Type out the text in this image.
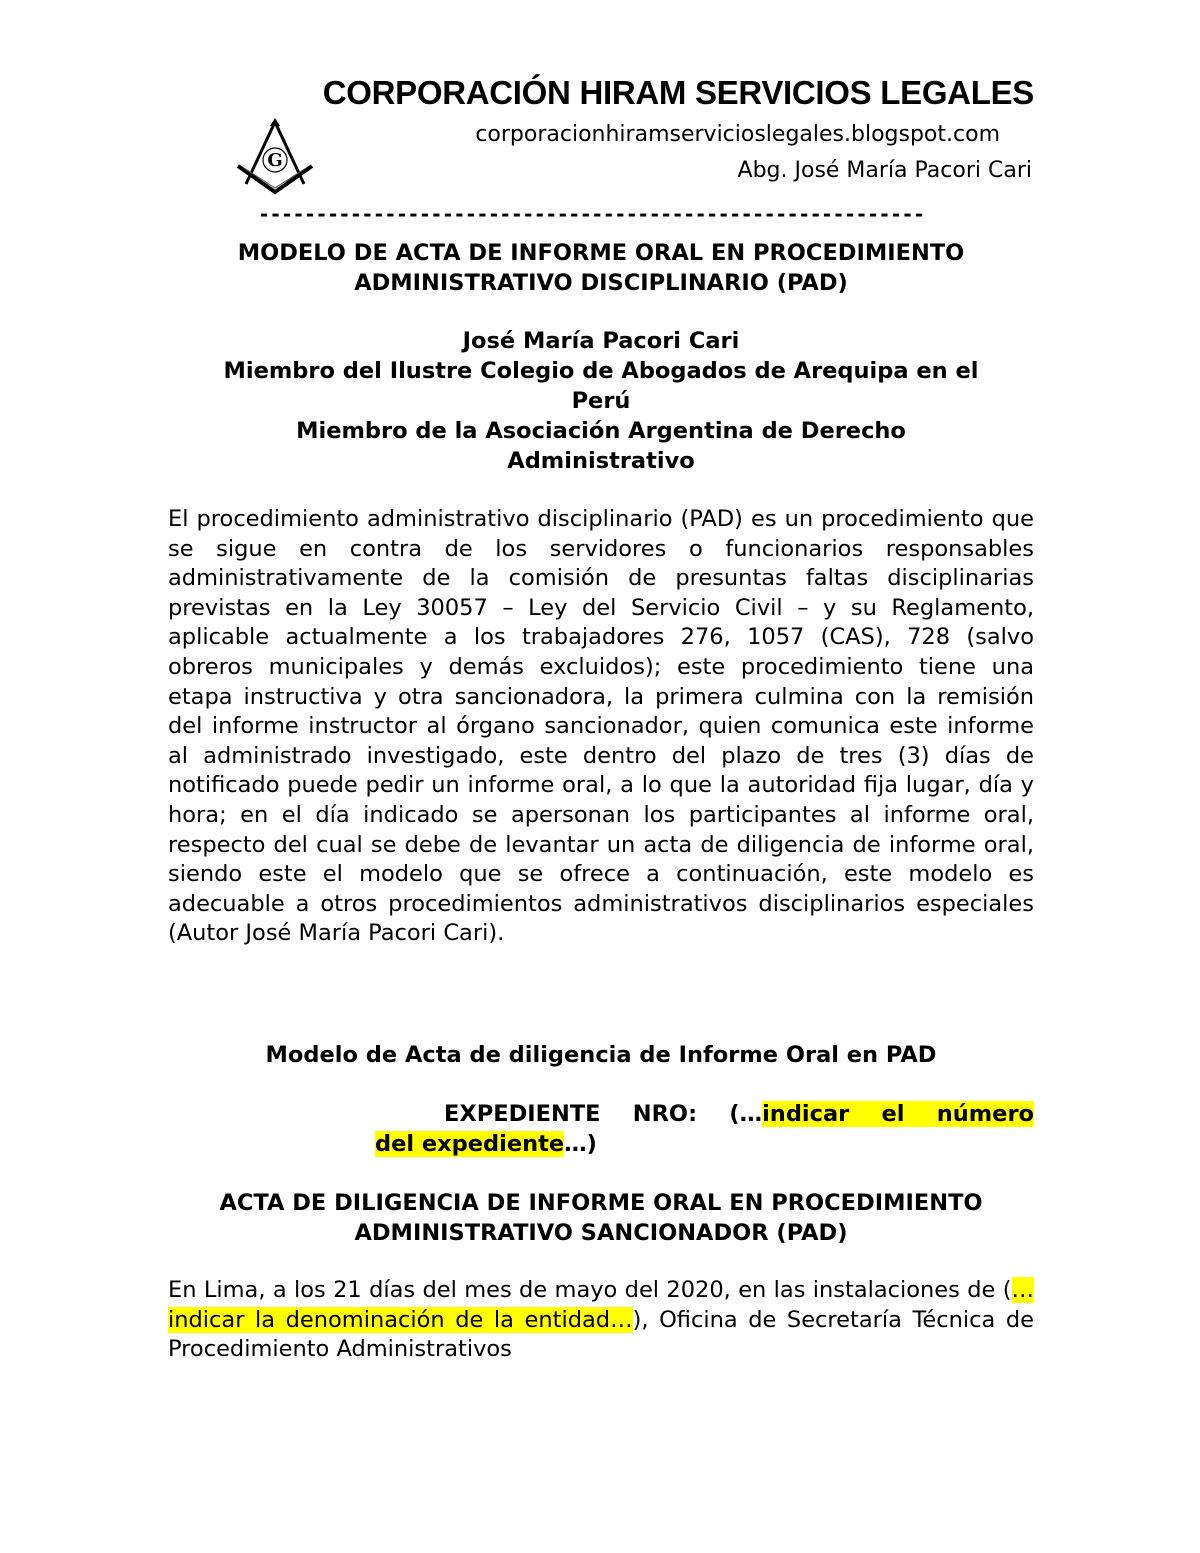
G
CORPORACIÓN HIRAM SERVICIOS LEGALES
corporacionhiramservicioslegales.blogspot.com
Abg. José María Pacori Cari
----------------------------------------------------------
MODELO DE ACTA DE INFORME ORAL EN PROCEDIMIENTO
ADMINISTRATIVO DISCIPLINARIO (PAD)
José María Pacori Cari
Miembro del Ilustre Colegio de Abogados de Arequipa en el
Perú
Miembro de la Asociación Argentina de Derecho
Administrativo
El procedimiento administrativo disciplinario (PAD) es un procedimiento que se sigue en contra de los servidores o funcionarios responsables administrativamente de la comisión de presuntas faltas disciplinarias previstas en la Ley 30057 – Ley del Servicio Civil – y su Reglamento, aplicable actualmente a los trabajadores 276, 1057 (CAS), 728 (salvo obreros municipales y demás excluidos); este procedimiento tiene una etapa instructiva y otra sancionadora, la primera culmina con la remisión del informe instructor al órgano sancionador, quien comunica este informe al administrado investigado, este dentro del plazo de tres (3) días de notificado puede pedir un informe oral, a lo que la autoridad fija lugar, día y hora; en el día indicado se apersonan los participantes al informe oral, respecto del cual se debe de levantar un acta de diligencia de informe oral, siendo este el modelo que se ofrece a continuación, este modelo es adecuable a otros procedimientos administrativos disciplinarios especiales (Autor José María Pacori Cari).
Modelo de Acta de diligencia de Informe Oral en PAD
EXPEDIENTE NRO: (…indicar el número
del expediente…)
ACTA DE DILIGENCIA DE INFORME ORAL EN PROCEDIMIENTO
ADMINISTRATIVO SANCIONADOR (PAD)
En Lima, a los 21 días del mes de mayo del 2020, en las instalaciones de (…indicar la denominación de la entidad…), Oficina de Secretaría Técnica de Procedimiento Administrativos
